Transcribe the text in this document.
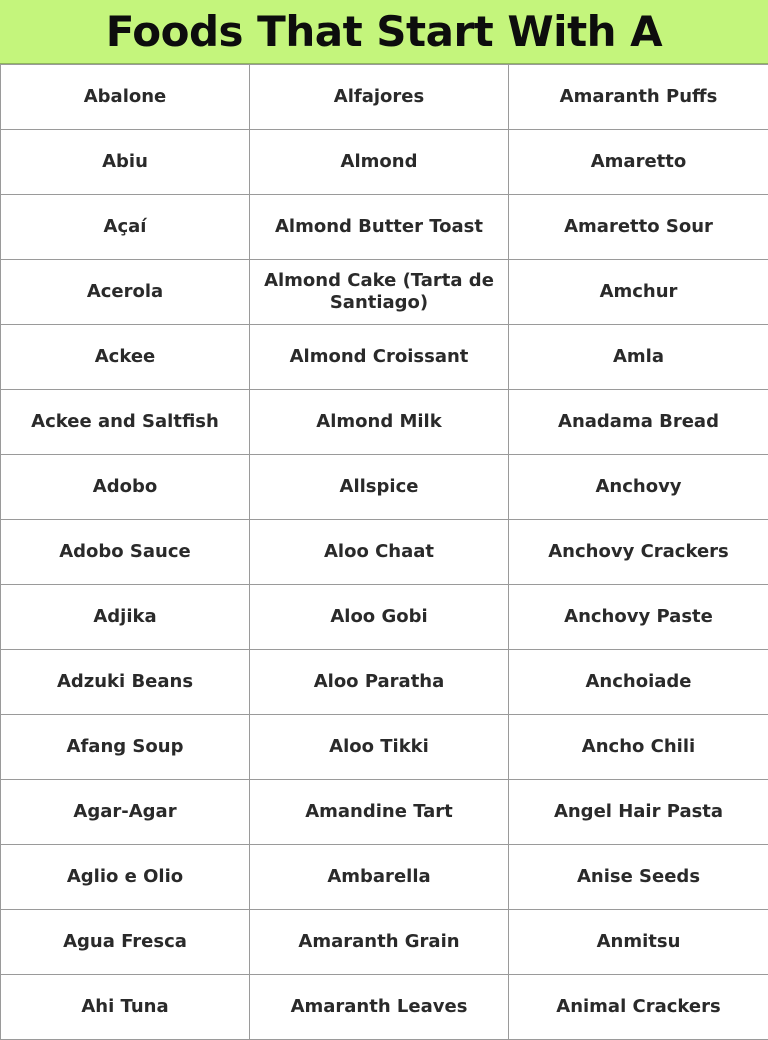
Foods That Start With A
Abalone	Alfajores	Amaranth Puffs
Abiu	Almond	Amaretto
Açaí	Almond Butter Toast	Amaretto Sour
Acerola	Almond Cake (Tarta de Santiago)	Amchur
Ackee	Almond Croissant	Amla
Ackee and Saltfish	Almond Milk	Anadama Bread
Adobo	Allspice	Anchovy
Adobo Sauce	Aloo Chaat	Anchovy Crackers
Adjika	Aloo Gobi	Anchovy Paste
Adzuki Beans	Aloo Paratha	Anchoiade
Afang Soup	Aloo Tikki	Ancho Chili
Agar-Agar	Amandine Tart	Angel Hair Pasta
Aglio e Olio	Ambarella	Anise Seeds
Agua Fresca	Amaranth Grain	Anmitsu
Ahi Tuna	Amaranth Leaves	Animal Crackers
